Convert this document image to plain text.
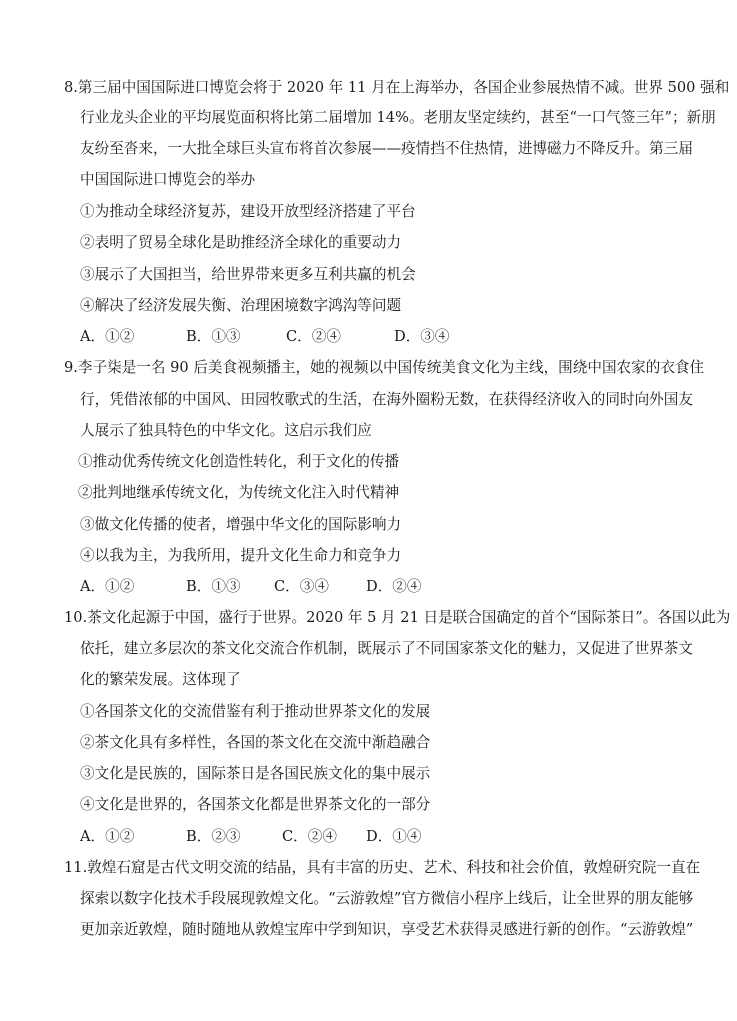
8.第三届中国国际进口博览会将于 2020 年 11 月在上海举办，各国企业参展热情不减。世界 500 强和
行业龙头企业的平均展览面积将比第二届增加 14%。老朋友坚定续约，甚至“一口气签三年”；新朋
友纷至沓来，一大批全球巨头宣布将首次参展——疫情挡不住热情，进博磁力不降反升。第三届
中国国际进口博览会的举办
①为推动全球经济复苏，建设开放型经济搭建了平台
②表明了贸易全球化是助推经济全球化的重要动力
③展示了大国担当，给世界带来更多互利共赢的机会
④解决了经济发展失衡、治理困境数字鸿沟等问题
A．①②	B．①③	C．②④	D．③④
9.李子柒是一名 90 后美食视频播主，她的视频以中国传统美食文化为主线，围绕中国农家的衣食住
行，凭借浓郁的中国风、田园牧歌式的生活，在海外圈粉无数，在获得经济收入的同时向外国友
人展示了独具特色的中华文化。这启示我们应
①推动优秀传统文化创造性转化，利于文化的传播
②批判地继承传统文化，为传统文化注入时代精神
③做文化传播的使者，增强中华文化的国际影响力
④以我为主，为我所用，提升文化生命力和竞争力
A．①②	B．①③ C．③④	D．②④
10.茶文化起源于中国，盛行于世界。2020 年 5 月 21 日是联合国确定的首个“国际茶日”。各国以此为
依托，建立多层次的茶文化交流合作机制，既展示了不同国家茶文化的魅力，又促进了世界茶文
化的繁荣发展。这体现了
①各国茶文化的交流借鉴有利于推动世界茶文化的发展
②茶文化具有多样性，各国的茶文化在交流中渐趋融合
③文化是民族的，国际茶日是各国民族文化的集中展示
④文化是世界的，各国茶文化都是世界茶文化的一部分
A．①②	B．②③	C．②④ D．①④
11.敦煌石窟是古代文明交流的结晶，具有丰富的历史、艺术、科技和社会价值，敦煌研究院一直在
探索以数字化技术手段展现敦煌文化。“云游敦煌”官方微信小程序上线后，让全世界的朋友能够
更加亲近敦煌，随时随地从敦煌宝库中学到知识，享受艺术获得灵感进行新的创作。“云游敦煌”
